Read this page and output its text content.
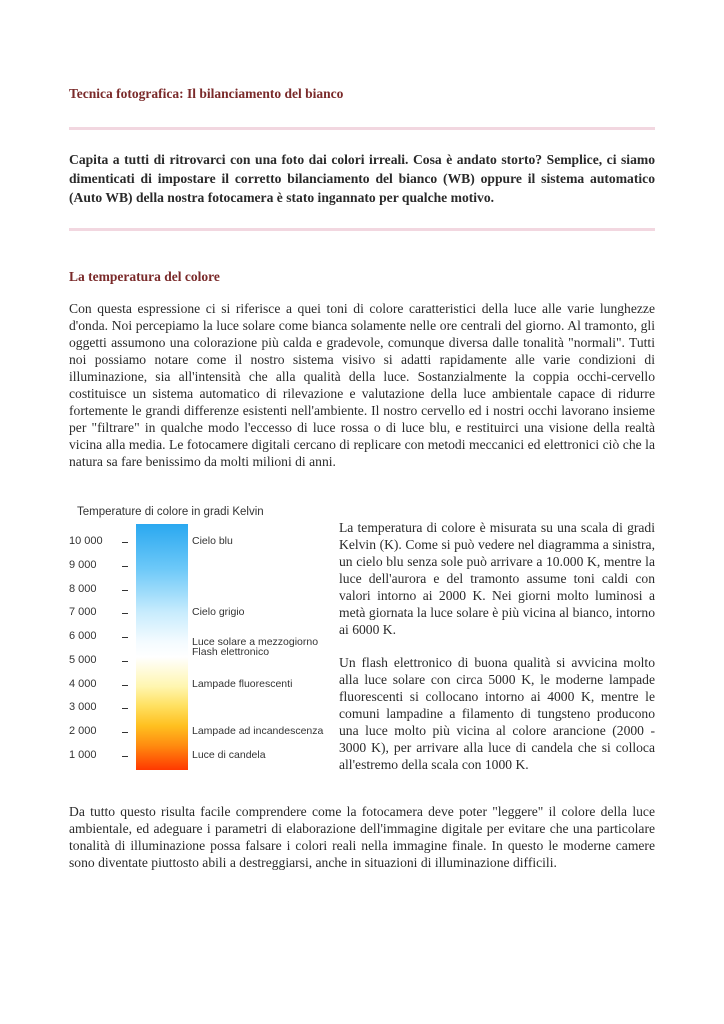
Tecnica fotografica: Il bilanciamento del bianco
Capita a tutti di ritrovarci con una foto dai colori irreali. Cosa è andato storto? Semplice, ci siamo dimenticati di impostare il corretto bilanciamento del bianco (WB) oppure il sistema automatico (Auto WB) della nostra fotocamera è stato ingannato per qualche motivo.
La temperatura del colore
Con questa espressione ci si riferisce a quei toni di colore caratteristici della luce alle varie lunghezze d'onda. Noi percepiamo la luce solare come bianca solamente nelle ore centrali del giorno. Al tramonto, gli oggetti assumono una colorazione più calda e gradevole, comunque diversa dalle tonalità "normali". Tutti noi possiamo notare come il nostro sistema visivo si adatti rapidamente alle varie condizioni di illuminazione, sia all'intensità che alla qualità della luce. Sostanzialmente la coppia occhi-cervello costituisce un sistema automatico di rilevazione e valutazione della luce ambientale capace di ridurre fortemente le grandi differenze esistenti nell'ambiente. Il nostro cervello ed i nostri occhi lavorano insieme per "filtrare" in qualche modo l'eccesso di luce rossa o di luce blu, e restituirci una visione della realtà vicina alla media. Le fotocamere digitali cercano di replicare con metodi meccanici ed elettronici ciò che la natura sa fare benissimo da molti milioni di anni.
Temperature di colore in gradi Kelvin
10 000
9 000
8 000
7 000
6 000
5 000
4 000
3 000
2 000
1 000
Cielo blu
Cielo grigio
Luce solare a mezzogiorno
Flash elettronico
Lampade fluorescenti
Lampade ad incandescenza
Luce di candela
La temperatura di colore è misurata su una scala di gradi Kelvin (K). Come si può vedere nel diagramma a sinistra, un cielo blu senza sole può arrivare a 10.000 K, mentre la luce dell'aurora e del tramonto assume toni caldi con valori intorno ai 2000 K. Nei giorni molto luminosi a metà giornata la luce solare è più vicina al bianco, intorno ai 6000 K.
Un flash elettronico di buona qualità si avvicina molto alla luce solare con circa 5000 K, le moderne lampade fluorescenti si collocano intorno ai 4000 K, mentre le comuni lampadine a filamento di tungsteno producono una luce molto più vicina al colore arancione (2000 - 3000 K), per arrivare alla luce di candela che si colloca all'estremo della scala con 1000 K.
Da tutto questo risulta facile comprendere come la fotocamera deve poter "leggere" il colore della luce ambientale, ed adeguare i parametri di elaborazione dell'immagine digitale per evitare che una particolare tonalità di illuminazione possa falsare i colori reali nella immagine finale. In questo le moderne camere sono diventate piuttosto abili a destreggiarsi, anche in situazioni di illuminazione difficili.
